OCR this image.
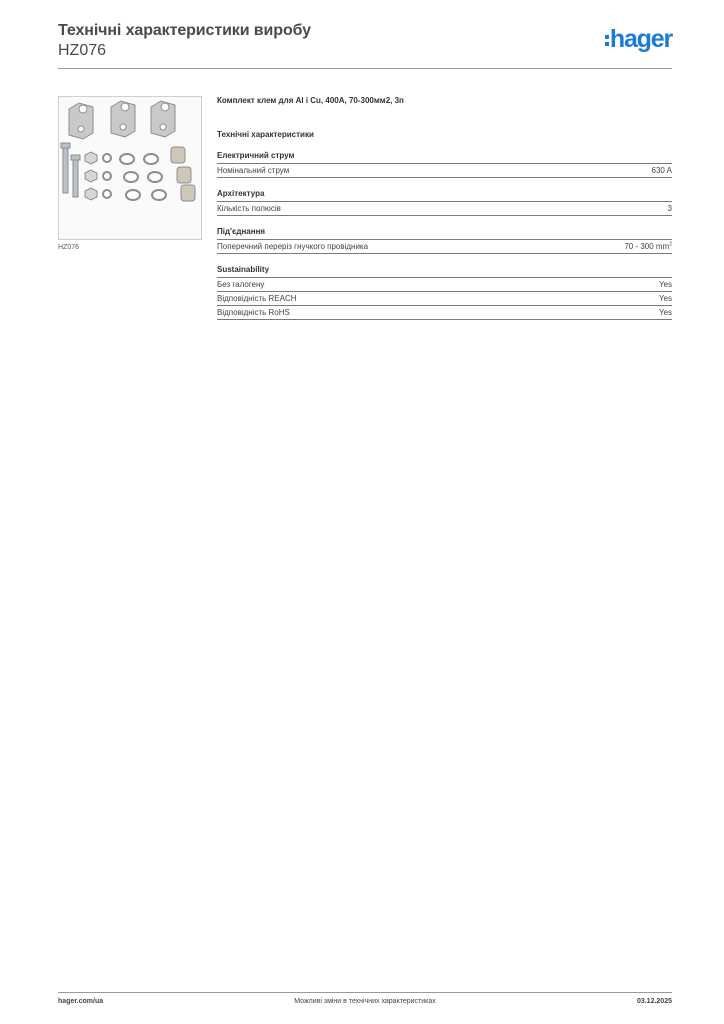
Технічні характеристики виробу
HZ076	hager
HZ076
Комплект клем для Al і Cu, 400A, 70-300мм2, 3п
Технічні характеристики
Електричний струм
Номінальний струм	630 A
Архітектура
Кількість полюсів	3
Під'єднання
Поперечний переріз гнучкого провідника	70 - 300 $mm^2$
Sustainability
Без галогену	Yes
Відповідність REACH	Yes
Відповідність RoHS	Yes
hager.com/ua	Можливі зміни в технічних характеристиках	03.12.2025
